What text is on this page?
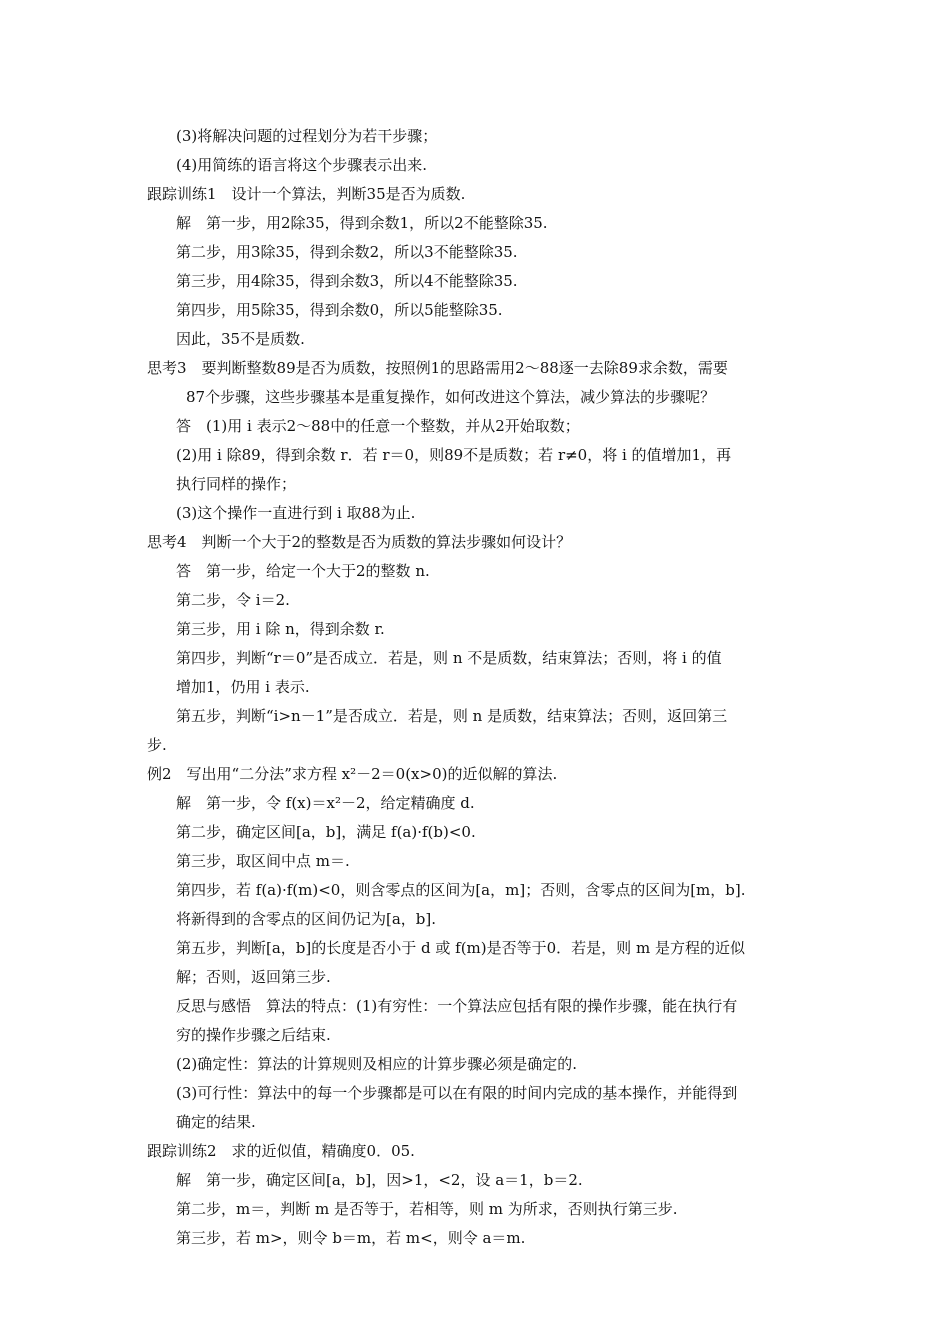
(3)将解决问题的过程划分为若干步骤；
(4)用简练的语言将这个步骤表示出来.
跟踪训练1　设计一个算法，判断35是否为质数.
解　第一步，用2除35，得到余数1，所以2不能整除35.
第二步，用3除35，得到余数2，所以3不能整除35.
第三步，用4除35，得到余数3，所以4不能整除35.
第四步，用5除35，得到余数0，所以5能整除35.
因此，35不是质数.
思考3　要判断整数89是否为质数，按照例1的思路需用2～88逐一去除89求余数，需要
87个步骤，这些步骤基本是重复操作，如何改进这个算法，减少算法的步骤呢？
答　(1)用 i 表示2～88中的任意一个整数，并从2开始取数；
(2)用 i 除89，得到余数 r．若 r＝0，则89不是质数；若 r≠0，将 i 的值增加1，再
执行同样的操作；
(3)这个操作一直进行到 i 取88为止.
思考4　判断一个大于2的整数是否为质数的算法步骤如何设计？
答　第一步，给定一个大于2的整数 n.
第二步，令 i＝2.
第三步，用 i 除 n，得到余数 r.
第四步，判断“r＝0”是否成立．若是，则 n 不是质数，结束算法；否则，将 i 的值
增加1，仍用 i 表示.
第五步，判断“i>n－1”是否成立．若是，则 n 是质数，结束算法；否则，返回第三
步.
例2　写出用“二分法”求方程 x²－2＝0(x>0)的近似解的算法.
解　第一步，令 f(x)＝x²－2，给定精确度 d.
第二步，确定区间[a，b]，满足 f(a)·f(b)<0.
第三步，取区间中点 m＝.
第四步，若 f(a)·f(m)<0，则含零点的区间为[a，m]；否则，含零点的区间为[m，b].
将新得到的含零点的区间仍记为[a，b].
第五步，判断[a，b]的长度是否小于 d 或 f(m)是否等于0．若是，则 m 是方程的近似
解；否则，返回第三步.
反思与感悟　算法的特点：(1)有穷性：一个算法应包括有限的操作步骤，能在执行有
穷的操作步骤之后结束.
(2)确定性：算法的计算规则及相应的计算步骤必须是确定的.
(3)可行性：算法中的每一个步骤都是可以在有限的时间内完成的基本操作，并能得到
确定的结果.
跟踪训练2　求的近似值，精确度0．05.
解　第一步，确定区间[a，b]，因>1，<2，设 a＝1，b＝2.
第二步，m＝，判断 m 是否等于，若相等，则 m 为所求，否则执行第三步.
第三步，若 m>，则令 b＝m，若 m<，则令 a＝m.
